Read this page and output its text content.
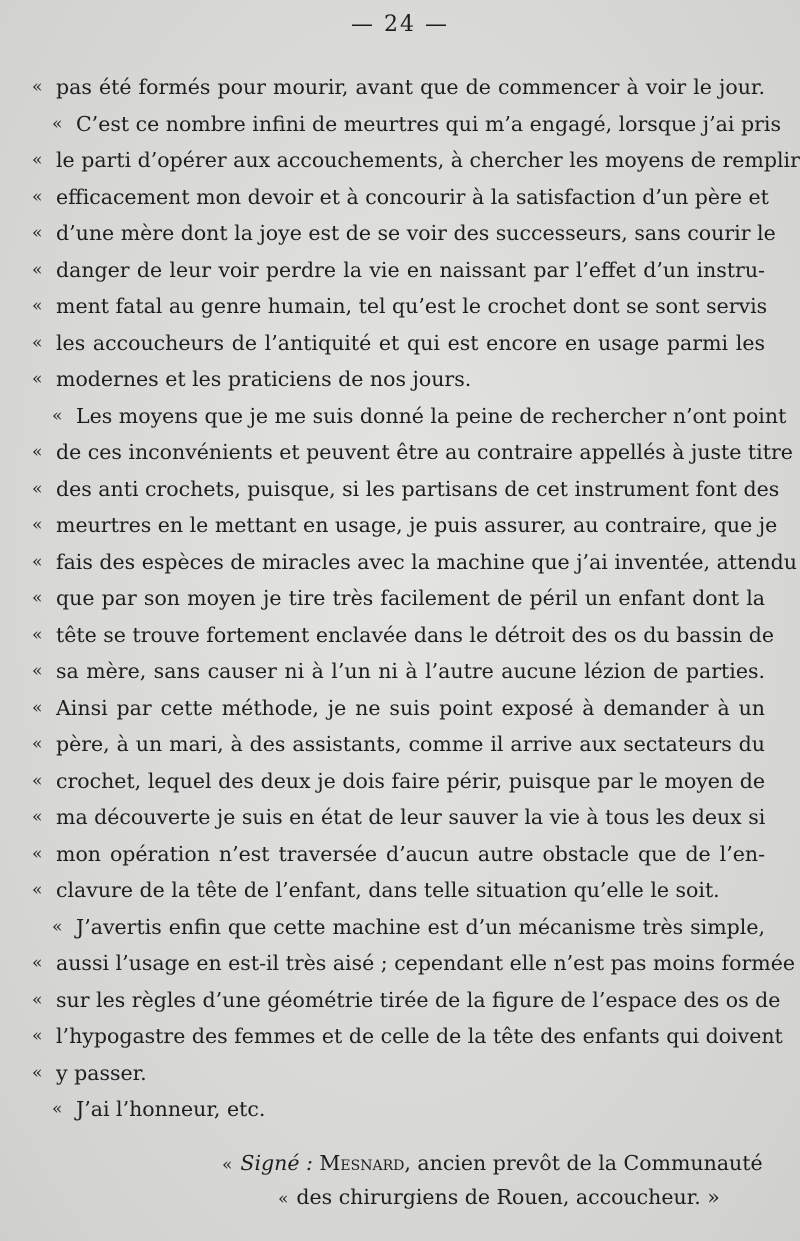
— 24 —
« pas été formés pour mourir, avant que de commencer à voir le jour.
« C’est ce nombre infini de meurtres qui m’a engagé, lorsque j’ai pris
« le parti d’opérer aux accouchements, à chercher les moyens de remplir
« efficacement mon devoir et à concourir à la satisfaction d’un père et
« d’une mère dont la joye est de se voir des successeurs, sans courir le
« danger de leur voir perdre la vie en naissant par l’effet d’un instru-
« ment fatal au genre humain, tel qu’est le crochet dont se sont servis
« les accoucheurs de l’antiquité et qui est encore en usage parmi les
« modernes et les praticiens de nos jours.
« Les moyens que je me suis donné la peine de rechercher n’ont point
« de ces inconvénients et peuvent être au contraire appellés à juste titre
« des anti crochets, puisque, si les partisans de cet instrument font des
« meurtres en le mettant en usage, je puis assurer, au contraire, que je
« fais des espèces de miracles avec la machine que j’ai inventée, attendu
« que par son moyen je tire très facilement de péril un enfant dont la
« tête se trouve fortement enclavée dans le détroit des os du bassin de
« sa mère, sans causer ni à l’un ni à l’autre aucune lézion de parties.
« Ainsi par cette méthode, je ne suis point exposé à demander à un
« père, à un mari, à des assistants, comme il arrive aux sectateurs du
« crochet, lequel des deux je dois faire périr, puisque par le moyen de
« ma découverte je suis en état de leur sauver la vie à tous les deux si
« mon opération n’est traversée d’aucun autre obstacle que de l’en-
« clavure de la tête de l’enfant, dans telle situation qu’elle le soit.
« J’avertis enfin que cette machine est d’un mécanisme très simple,
« aussi l’usage en est-il très aisé ; cependant elle n’est pas moins formée
« sur les règles d’une géométrie tirée de la figure de l’espace des os de
« l’hypogastre des femmes et de celle de la tête des enfants qui doivent
« y passer.
« J’ai l’honneur, etc.
« Signé : Mesnard, ancien prevôt de la Communauté
« des chirurgiens de Rouen, accoucheur. »
